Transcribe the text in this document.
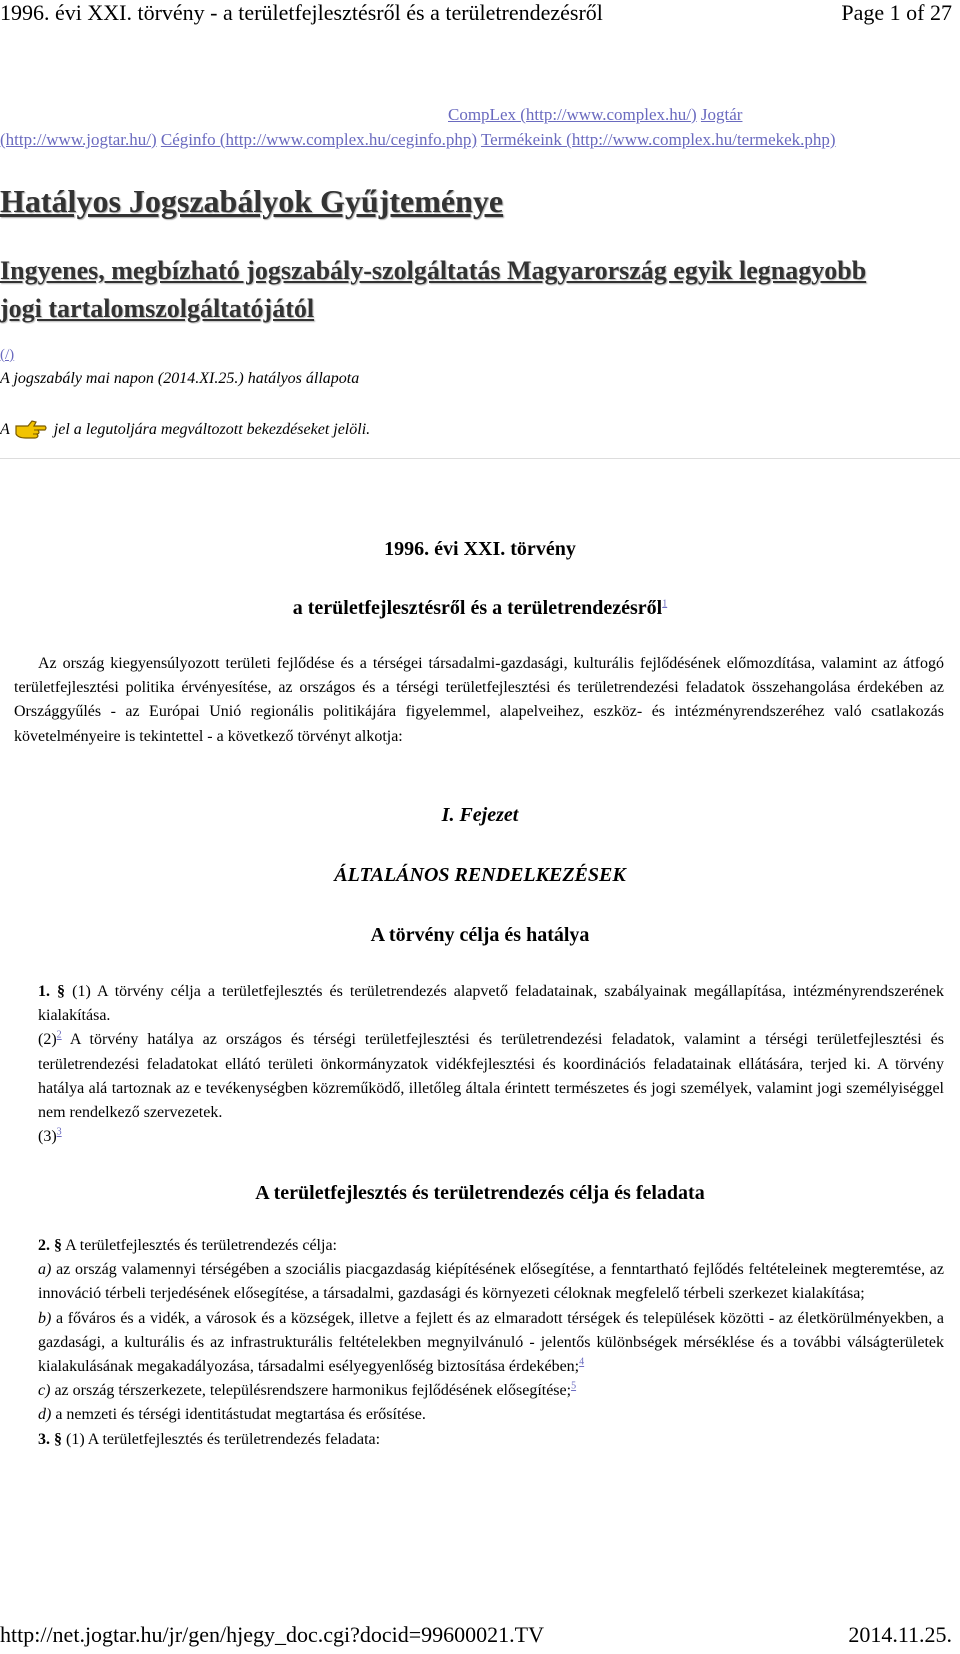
1996. évi XXI. törvény - a területfejlesztésről és a területrendezésről	Page 1 of 27
CompLex (http://www.complex.hu/) Jogtár
(http://www.jogtar.hu/) Céginfo (http://www.complex.hu/ceginfo.php) Termékeink (http://www.complex.hu/termekek.php)
Hatályos Jogszabályok Gyűjteménye
Ingyenes, megbízható jogszabály-szolgáltatás Magyarország egyik legnagyobb jogi tartalomszolgáltatójától
(/)
A jogszabály mai napon (2014.XI.25.) hatályos állapota
A	jel a legutoljára megváltozott bekezdéseket jelöli.
1996. évi XXI. törvény
a területfejlesztésről és a területrendezésről$^1$
Az ország kiegyensúlyozott területi fejlődése és a térségei társadalmi-gazdasági, kulturális fejlődésének előmozdítása, valamint az átfogó területfejlesztési politika érvényesítése, az országos és a térségi területfejlesztési és területrendezési feladatok összehangolása érdekében az Országgyűlés - az Európai Unió regionális politikájára figyelemmel, alapelveihez, eszköz- és intézményrendszeréhez való csatlakozás követelményeire is tekintettel - a következő törvényt alkotja:
I. Fejezet
ÁLTALÁNOS RENDELKEZÉSEK
A törvény célja és hatálya
1. § (1) A törvény célja a területfejlesztés és területrendezés alapvető feladatainak, szabályainak megállapítása, intézményrendszerének kialakítása.
$(2)^2$ A törvény hatálya az országos és térségi területfejlesztési és területrendezési feladatok, valamint a térségi területfejlesztési és területrendezési feladatokat ellátó területi önkormányzatok vidékfejlesztési és koordinációs feladatainak ellátására, terjed ki. A törvény hatálya alá tartoznak az e tevékenységben közreműködő, illetőleg általa érintett természetes és jogi személyek, valamint jogi személyiséggel nem rendelkező szervezetek.
$(3)^3$
A területfejlesztés és területrendezés célja és feladata
2. § A területfejlesztés és területrendezés célja:
a) az ország valamennyi térségében a szociális piacgazdaság kiépítésének elősegítése, a fenntartható fejlődés feltételeinek megteremtése, az innováció térbeli terjedésének elősegítése, a társadalmi, gazdasági és környezeti céloknak megfelelő térbeli szerkezet kialakítása;
b) a főváros és a vidék, a városok és a községek, illetve a fejlett és az elmaradott térségek és települések közötti - az életkörülményekben, a gazdasági, a kulturális és az infrastrukturális feltételekben megnyilvánuló - jelentős különbségek mérséklése és a további válságterületek kialakulásának megakadályozása, társadalmi esélyegyenlőség biztosítása érdekében;$^4$
c) az ország térszerkezete, településrendszere harmonikus fejlődésének elősegítése;$^5$
d) a nemzeti és térségi identitástudat megtartása és erősítése.
3. § (1) A területfejlesztés és területrendezés feladata:
http://net.jogtar.hu/jr/gen/hjegy_doc.cgi?docid=99600021.TV	2014.11.25.
